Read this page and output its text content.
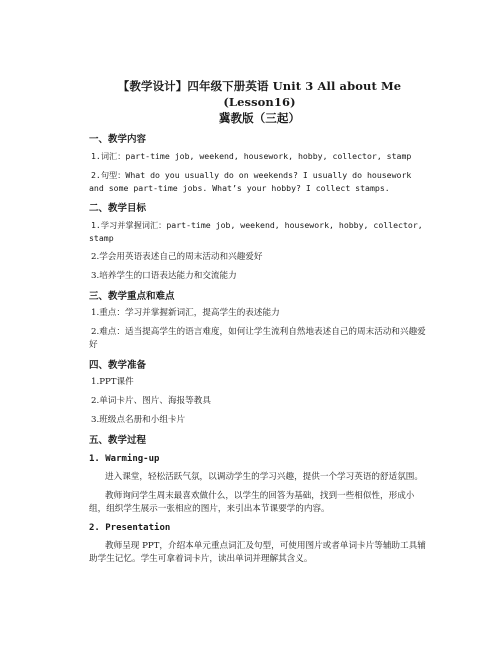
【教学设计】四年级下册英语 Unit 3 All about Me (Lesson16)
冀教版（三起）
一、教学内容
1.词汇：part-time job, weekend, housework, hobby, collector, stamp
2.句型：What do you usually do on weekends? I usually do housework and some part-time jobs. What’s your hobby? I collect stamps.
二、教学目标
1.学习并掌握词汇：part-time job, weekend, housework, hobby, collector, stamp
2.学会用英语表述自己的周末活动和兴趣爱好
3.培养学生的口语表达能力和交流能力
三、教学重点和难点
1.重点：学习并掌握新词汇，提高学生的表述能力
2.难点：适当提高学生的语言难度，如何让学生流利自然地表述自己的周末活动和兴趣爱好
四、教学准备
1.PPT课件
2.单词卡片、图片、海报等教具
3.班级点名册和小组卡片
五、教学过程
1. Warming-up
进入课堂，轻松活跃气氛，以调动学生的学习兴趣，提供一个学习英语的舒适氛围。
教师询问学生周末最喜欢做什么，以学生的回答为基础，找到一些相似性，形成小组，组织学生展示一张相应的图片，来引出本节课要学的内容。
2. Presentation
教师呈现 PPT，介绍本单元重点词汇及句型，可使用图片或者单词卡片等辅助工具辅助学生记忆。学生可拿着词卡片，读出单词并理解其含义。
